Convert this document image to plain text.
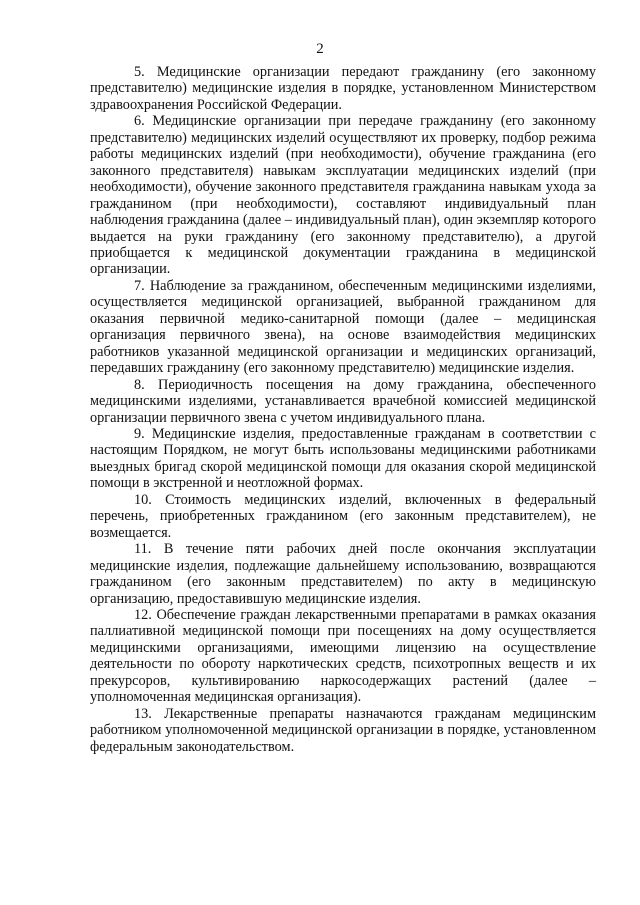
2

5. Медицинские организации передают гражданину (его законному представителю) медицинские изделия в порядке, установленном Министерством здравоохранения Российской Федерации.

6. Медицинские организации при передаче гражданину (его законному представителю) медицинских изделий осуществляют их проверку, подбор режима работы медицинских изделий (при необходимости), обучение гражданина (его законного представителя) навыкам эксплуатации медицинских изделий (при необходимости), обучение законного представителя гражданина навыкам ухода за гражданином (при необходимости), составляют индивидуальный план наблюдения гражданина (далее – индивидуальный план), один экземпляр которого выдается на руки гражданину (его законному представителю), а другой приобщается к медицинской документации гражданина в медицинской организации.

7. Наблюдение за гражданином, обеспеченным медицинскими изделиями, осуществляется медицинской организацией, выбранной гражданином для оказания первичной медико-санитарной помощи (далее – медицинская организация первичного звена), на основе взаимодействия медицинских работников указанной медицинской организации и медицинских организаций, передавших гражданину (его законному представителю) медицинские изделия.

8. Периодичность посещения на дому гражданина, обеспеченного медицинскими изделиями, устанавливается врачебной комиссией медицинской организации первичного звена с учетом индивидуального плана.

9. Медицинские изделия, предоставленные гражданам в соответствии с настоящим Порядком, не могут быть использованы медицинскими работниками выездных бригад скорой медицинской помощи для оказания скорой медицинской помощи в экстренной и неотложной формах.

10. Стоимость медицинских изделий, включенных в федеральный перечень, приобретенных гражданином (его законным представителем), не возмещается.

11. В течение пяти рабочих дней после окончания эксплуатации медицинские изделия, подлежащие дальнейшему использованию, возвращаются гражданином (его законным представителем) по акту в медицинскую организацию, предоставившую медицинские изделия.

12. Обеспечение граждан лекарственными препаратами в рамках оказания паллиативной медицинской помощи при посещениях на дому осуществляется медицинскими организациями, имеющими лицензию на осуществление деятельности по обороту наркотических средств, психотропных веществ и их прекурсоров, культивированию наркосодержащих растений (далее – уполномоченная медицинская организация).

13. Лекарственные препараты назначаются гражданам медицинским работником уполномоченной медицинской организации в порядке, установленном федеральным законодательством.
